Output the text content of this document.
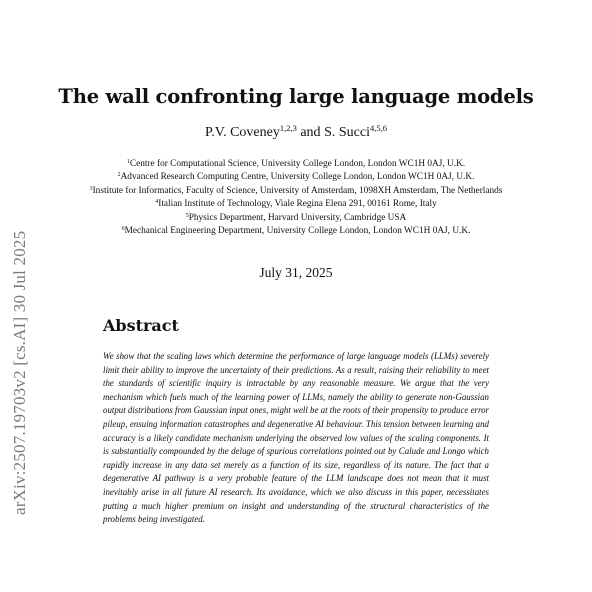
arXiv:2507.19703v2 [cs.AI] 30 Jul 2025
The wall confronting large language models
P.V. Coveney$^{1,2,3}$ and S. Succi$^{4,5,6}$
$^1$Centre for Computational Science, University College London, London WC1H 0AJ, U.K.
$^2$Advanced Research Computing Centre, University College London, London WC1H 0AJ, U.K.
$^3$Institute for Informatics, Faculty of Science, University of Amsterdam, 1098XH Amsterdam, The Netherlands
$^4$Italian Institute of Technology, Viale Regina Elena 291, 00161 Rome, Italy
$^5$Physics Department, Harvard University, Cambridge USA
$^6$Mechanical Engineering Department, University College London, London WC1H 0AJ, U.K.
July 31, 2025
Abstract
We show that the scaling laws which determine the performance of large language models (LLMs) severely limit their ability to improve the uncertainty of their predictions. As a result, raising their reliability to meet the standards of scientific inquiry is intractable by any reasonable measure. We argue that the very mechanism which fuels much of the learning power of LLMs, namely the ability to generate non-Gaussian output distributions from Gaussian input ones, might well be at the roots of their propensity to produce error pileup, ensuing information catastrophes and degenerative AI behaviour. This tension between learning and accuracy is a likely candidate mechanism underlying the observed low values of the scaling components. It is substantially compounded by the deluge of spurious correlations pointed out by Calude and Longo which rapidly increase in any data set merely as a function of its size, regardless of its nature. The fact that a degenerative AI pathway is a very probable feature of the LLM landscape does not mean that it must inevitably arise in all future AI research. Its avoidance, which we also discuss in this paper, necessitates putting a much higher premium on insight and understanding of the structural characteristics of the problems being investigated.
